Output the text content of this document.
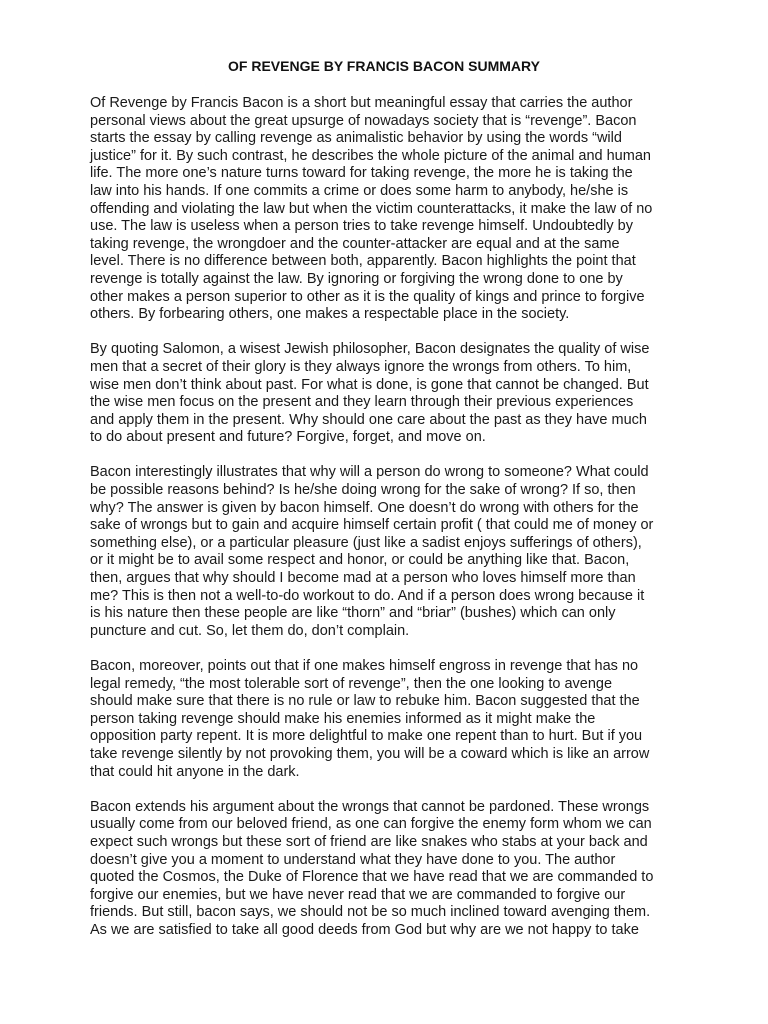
OF REVENGE BY FRANCIS BACON SUMMARY

Of Revenge by Francis Bacon is a short but meaningful essay that carries the author
personal views about the great upsurge of nowadays society that is “revenge”. Bacon
starts the essay by calling revenge as animalistic behavior by using the words “wild
justice” for it. By such contrast, he describes the whole picture of the animal and human
life. The more one’s nature turns toward for taking revenge, the more he is taking the
law into his hands. If one commits a crime or does some harm to anybody, he/she is
offending and violating the law but when the victim counterattacks, it make the law of no
use. The law is useless when a person tries to take revenge himself. Undoubtedly by
taking revenge, the wrongdoer and the counter-attacker are equal and at the same
level. There is no difference between both, apparently. Bacon highlights the point that
revenge is totally against the law. By ignoring or forgiving the wrong done to one by
other makes a person superior to other as it is the quality of kings and prince to forgive
others. By forbearing others, one makes a respectable place in the society.

By quoting Salomon, a wisest Jewish philosopher, Bacon designates the quality of wise
men that a secret of their glory is they always ignore the wrongs from others. To him,
wise men don’t think about past. For what is done, is gone that cannot be changed. But
the wise men focus on the present and they learn through their previous experiences
and apply them in the present. Why should one care about the past as they have much
to do about present and future? Forgive, forget, and move on.

Bacon interestingly illustrates that why will a person do wrong to someone? What could
be possible reasons behind? Is he/she doing wrong for the sake of wrong? If so, then
why? The answer is given by bacon himself. One doesn’t do wrong with others for the
sake of wrongs but to gain and acquire himself certain profit ( that could me of money or
something else), or a particular pleasure (just like a sadist enjoys sufferings of others),
or it might be to avail some respect and honor, or could be anything like that. Bacon,
then, argues that why should I become mad at a person who loves himself more than
me? This is then not a well-to-do workout to do. And if a person does wrong because it
is his nature then these people are like “thorn” and “briar” (bushes) which can only
puncture and cut. So, let them do, don’t complain.

Bacon, moreover, points out that if one makes himself engross in revenge that has no
legal remedy, “the most tolerable sort of revenge”, then the one looking to avenge
should make sure that there is no rule or law to rebuke him. Bacon suggested that the
person taking revenge should make his enemies informed as it might make the
opposition party repent. It is more delightful to make one repent than to hurt. But if you
take revenge silently by not provoking them, you will be a coward which is like an arrow
that could hit anyone in the dark.

Bacon extends his argument about the wrongs that cannot be pardoned. These wrongs
usually come from our beloved friend, as one can forgive the enemy form whom we can
expect such wrongs but these sort of friend are like snakes who stabs at your back and
doesn’t give you a moment to understand what they have done to you. The author
quoted the Cosmos, the Duke of Florence that we have read that we are commanded to
forgive our enemies, but we have never read that we are commanded to forgive our
friends. But still, bacon says, we should not be so much inclined toward avenging them.
As we are satisfied to take all good deeds from God but why are we not happy to take
